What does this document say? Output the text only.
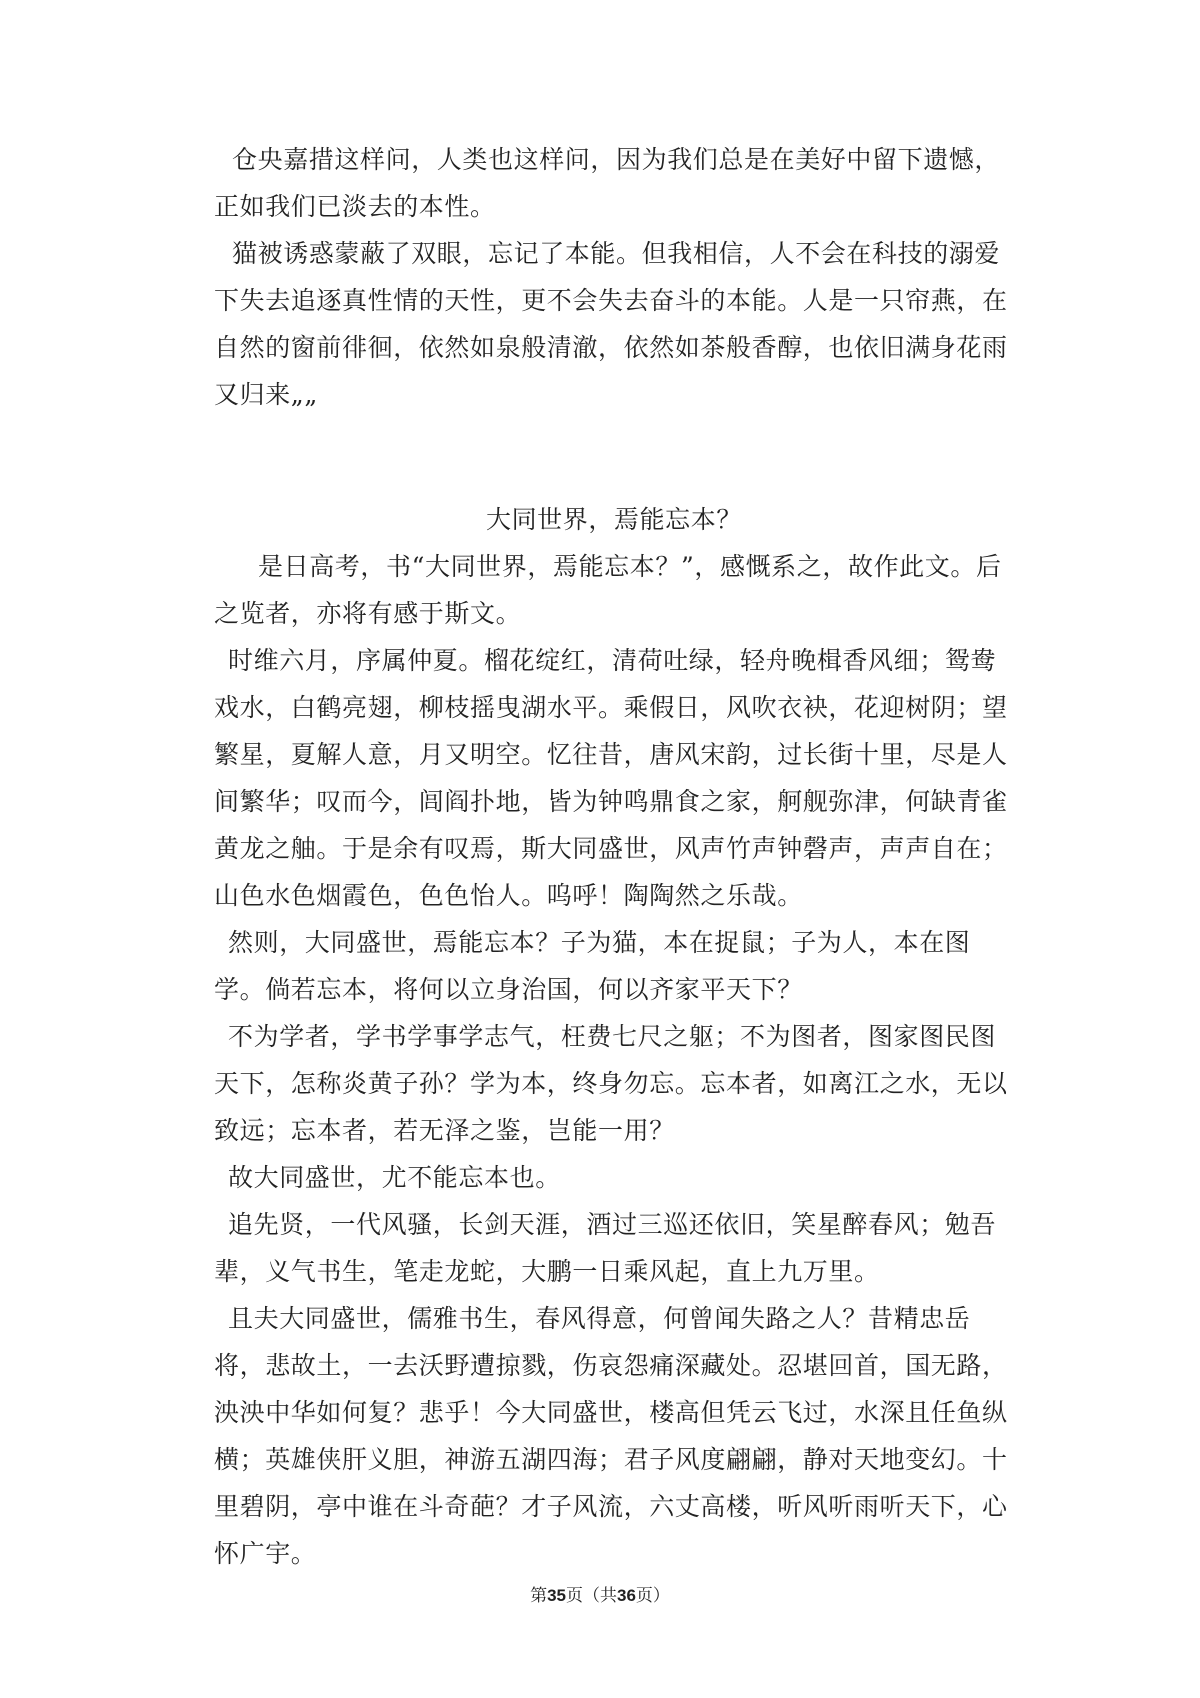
仓央嘉措这样问，人类也这样问，因为我们总是在美好中留下遗憾，正如我们已淡去的本性。

猫被诱惑蒙蔽了双眼，忘记了本能。但我相信，人不会在科技的溺爱下失去追逐真性情的天性，更不会失去奋斗的本能。人是一只帘燕，在自然的窗前徘徊，依然如泉般清澈，依然如茶般香醇，也依旧满身花雨又归来„„

大同世界，焉能忘本？

是日高考，书“大同世界，焉能忘本？”，感慨系之，故作此文。后之览者，亦将有感于斯文。

时维六月，序属仲夏。榴花绽红，清荷吐绿，轻舟晚楫香风细；鸳鸯戏水，白鹤亮翅，柳枝摇曳湖水平。乘假日，风吹衣袂，花迎树阴；望繁星，夏解人意，月又明空。忆往昔，唐风宋韵，过长街十里，尽是人间繁华；叹而今，闾阎扑地，皆为钟鸣鼎食之家，舸舰弥津，何缺青雀黄龙之舳。于是余有叹焉，斯大同盛世，风声竹声钟磬声，声声自在；山色水色烟霞色，色色怡人。呜呼！陶陶然之乐哉。

然则，大同盛世，焉能忘本？子为猫，本在捉鼠；子为人，本在图学。倘若忘本，将何以立身治国，何以齐家平天下？

不为学者，学书学事学志气，枉费七尺之躯；不为图者，图家图民图天下，怎称炎黄子孙？学为本，终身勿忘。忘本者，如离江之水，无以致远；忘本者，若无泽之鉴，岂能一用？

故大同盛世，尤不能忘本也。

追先贤，一代风骚，长剑天涯，酒过三巡还依旧，笑星醉春风；勉吾辈，义气书生，笔走龙蛇，大鹏一日乘风起，直上九万里。

且夫大同盛世，儒雅书生，春风得意，何曾闻失路之人？昔精忠岳将，悲故土，一去沃野遭掠戮，伤哀怨痛深藏处。忍堪回首，国无路，泱泱中华如何复？悲乎！今大同盛世，楼高但凭云飞过，水深且任鱼纵横；英雄侠肝义胆，神游五湖四海；君子风度翩翩，静对天地变幻。十里碧阴，亭中谁在斗奇葩？才子风流，六丈高楼，听风听雨听天下，心怀广宇。

第35页（共36页）
